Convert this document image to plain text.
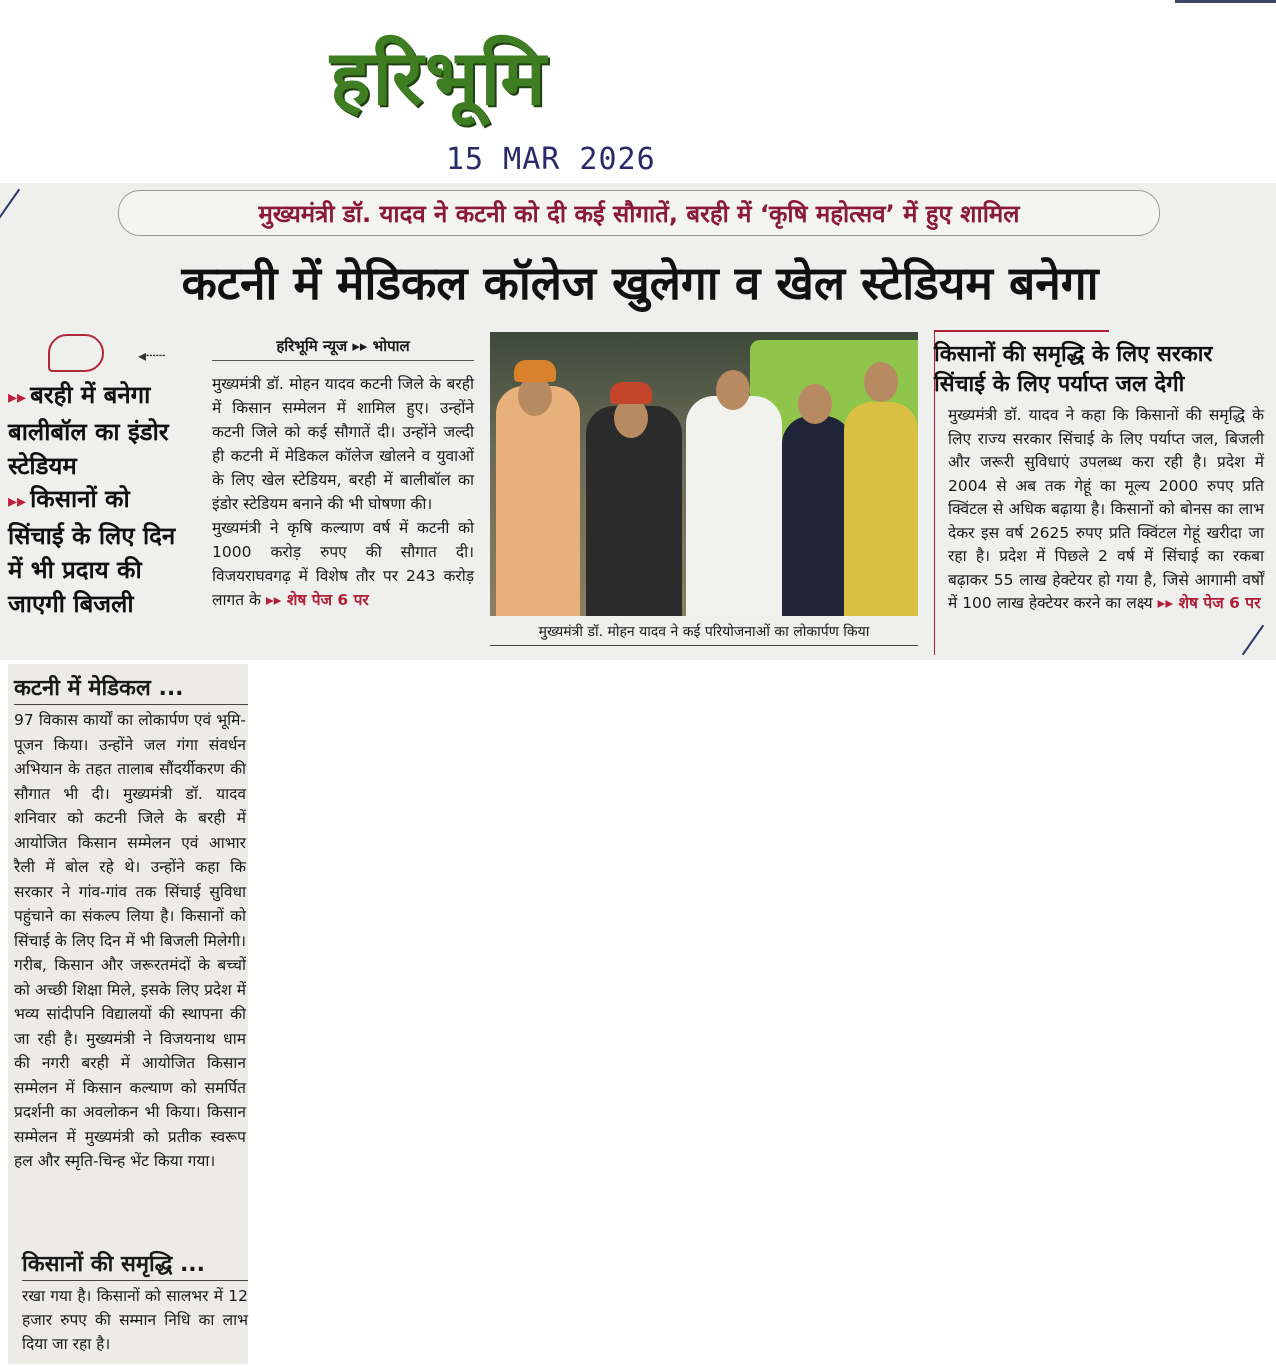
हरिभूमि
15 MAR 2026
मुख्यमंत्री डॉ. यादव ने कटनी को दी कई सौगातें, बरही में ‘कृषि महोत्सव’ में हुए शामिल
कटनी में मेडिकल कॉलेज खुलेगा व खेल स्टेडियम बनेगा
◂┄┄
▸▸ बरही में बनेगा बालीबॉल का इंडोर स्टेडियम
▸▸ किसानों को सिंचाई के लिए दिन में भी प्रदाय की जाएगी बिजली
हरिभूमि न्यूज ▸▸ भोपाल
मुख्यमंत्री डॉ. मोहन यादव कटनी जिले के बरही में किसान सम्मेलन में शामिल हुए। उन्होंने कटनी जिले को कई सौगातें दी। उन्होंने जल्दी ही कटनी में मेडिकल कॉलेज खोलने व युवाओं के लिए खेल स्टेडियम, बरही में बालीबॉल का इंडोर स्टेडियम बनाने की भी घोषणा की।
मुख्यमंत्री ने कृषि कल्याण वर्ष में कटनी को 1000 करोड़ रुपए की सौगात दी। विजयराघवगढ़ में विशेष तौर पर 243 करोड़ लागत के ▸▸ शेष पेज 6 पर
मुख्यमंत्री डॉ. मोहन यादव ने कई परियोजनाओं का लोकार्पण किया
किसानों की समृद्धि के लिए सरकार सिंचाई के लिए पर्याप्त जल देगी
मुख्यमंत्री डॉ. यादव ने कहा कि किसानों की समृद्धि के लिए राज्य सरकार सिंचाई के लिए पर्याप्त जल, बिजली और जरूरी सुविधाएं उपलब्ध करा रही है। प्रदेश में 2004 से अब तक गेहूं का मूल्य 2000 रुपए प्रति क्विंटल से अधिक बढ़ाया है। किसानों को बोनस का लाभ देकर इस वर्ष 2625 रुपए प्रति क्विंटल गेहूं खरीदा जा रहा है। प्रदेश में पिछले 2 वर्ष में सिंचाई का रकबा बढ़ाकर 55 लाख हेक्टेयर हो गया है, जिसे आगामी वर्षों में 100 लाख हेक्टेयर करने का लक्ष्य ▸▸ शेष पेज 6 पर
कटनी में मेडिकल ...
97 विकास कार्यों का लोकार्पण एवं भूमि-पूजन किया। उन्होंने जल गंगा संवर्धन अभियान के तहत तालाब सौंदर्यीकरण की सौगात भी दी। मुख्यमंत्री डॉ. यादव शनिवार को कटनी जिले के बरही में आयोजित किसान सम्मेलन एवं आभार रैली में बोल रहे थे। उन्होंने कहा कि सरकार ने गांव-गांव तक सिंचाई सुविधा पहुंचाने का संकल्प लिया है। किसानों को सिंचाई के लिए दिन में भी बिजली मिलेगी। गरीब, किसान और जरूरतमंदों के बच्चों को अच्छी शिक्षा मिले, इसके लिए प्रदेश में भव्य सांदीपनि विद्यालयों की स्थापना की जा रही है। मुख्यमंत्री ने विजयनाथ धाम की नगरी बरही में आयोजित किसान सम्मेलन में किसान कल्याण को समर्पित प्रदर्शनी का अवलोकन भी किया। किसान सम्मेलन में मुख्यमंत्री को प्रतीक स्वरूप हल और स्मृति-चिन्ह भेंट किया गया।
किसानों की समृद्धि ...
रखा गया है। किसानों को सालभर में 12 हजार रुपए की सम्मान निधि का लाभ दिया जा रहा है।
